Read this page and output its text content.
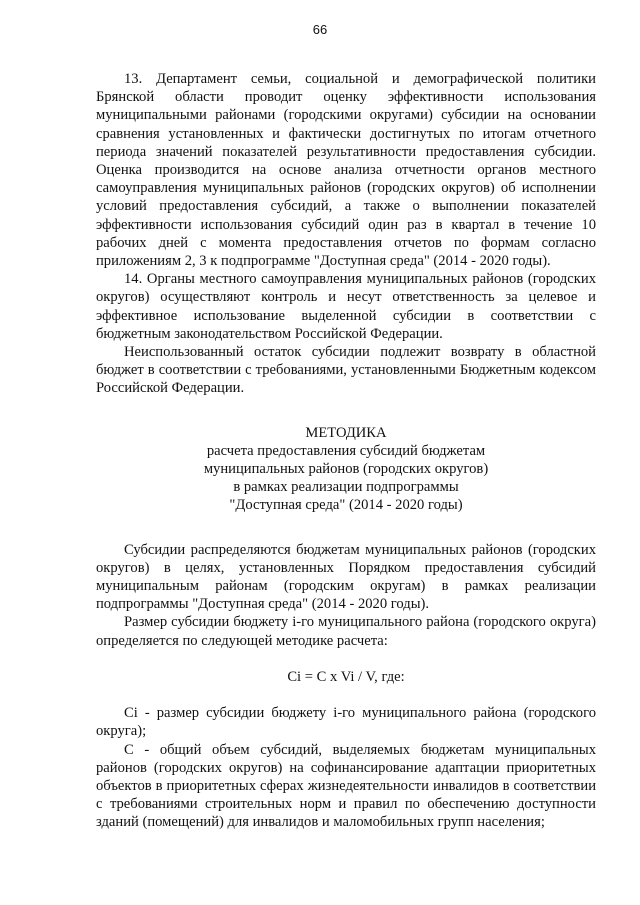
66

13. Департамент семьи, социальной и демографической политики Брянской области проводит оценку эффективности использования муниципальными районами (городскими округами) субсидии на основании сравнения установленных и фактически достигнутых по итогам отчетного периода значений показателей результативности предоставления субсидии. Оценка производится на основе анализа отчетности органов местного самоуправления муниципальных районов (городских округов) об исполнении условий предоставления субсидий, а также о выполнении показателей эффективности использования субсидий один раз в квартал в течение 10 рабочих дней с момента предоставления отчетов по формам согласно приложениям 2, 3 к подпрограмме "Доступная среда" (2014 - 2020 годы).

14. Органы местного самоуправления муниципальных районов (городских округов) осуществляют контроль и несут ответственность за целевое и эффективное использование выделенной субсидии в соответствии с бюджетным законодательством Российской Федерации.

Неиспользованный остаток субсидии подлежит возврату в областной бюджет в соответствии с требованиями, установленными Бюджетным кодексом Российской Федерации.

МЕТОДИКА

расчета предоставления субсидий бюджетам

муниципальных районов (городских округов)

в рамках реализации подпрограммы

"Доступная среда" (2014 - 2020 годы)

Субсидии распределяются бюджетам муниципальных районов (городских округов) в целях, установленных Порядком предоставления субсидий муниципальным районам (городским округам) в рамках реализации подпрограммы "Доступная среда" (2014 - 2020 годы).

Размер субсидии бюджету i-го муниципального района (городского округа) определяется по следующей методике расчета:

Ci = C x Vi / V, где:

Ci - размер субсидии бюджету i-го муниципального района (городского округа);

С - общий объем субсидий, выделяемых бюджетам муниципальных районов (городских округов) на софинансирование адаптации приоритетных объектов в приоритетных сферах жизнедеятельности инвалидов в соответствии с требованиями строительных норм и правил по обеспечению доступности зданий (помещений) для инвалидов и маломобильных групп населения;
